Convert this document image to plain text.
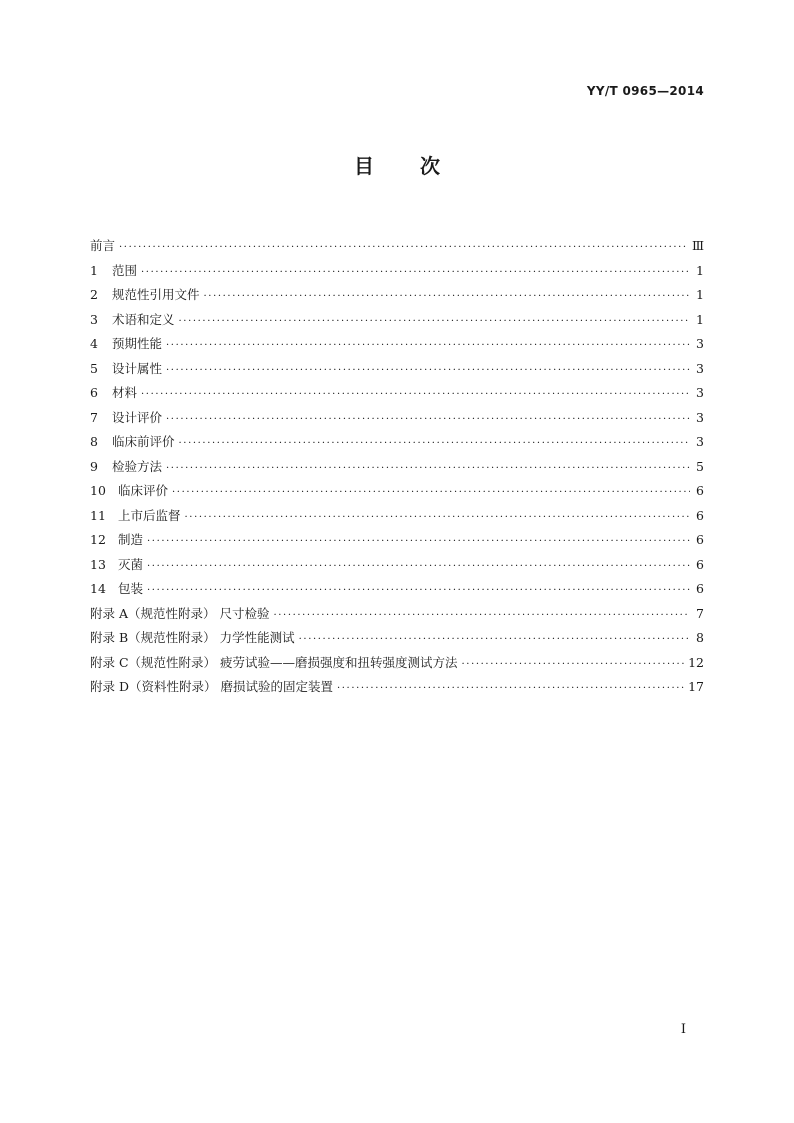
YY/T 0965—2014
目 次
前言 ·····	Ⅲ
1	范围 ·····	1
2	规范性引用文件 ·····	1
3	术语和定义 ·····	1
4	预期性能 ·····	3
5	设计属性 ·····	3
6	材料 ·····	3
7	设计评价 ·····	3
8	临床前评价 ·····	3
9	检验方法 ·····	5
10 临床评价 ·····	6
11 上市后监督 ·····	6
12 制造 ·····	6
13 灭菌 ·····	6
14 包装 ·····	6
附录 A（规范性附录） 尺寸检验 ·····	7
附录 B（规范性附录） 力学性能测试 ·····	8
附录 C（规范性附录） 疲劳试验——磨损强度和扭转强度测试方法 ·····	12
附录 D（资料性附录） 磨损试验的固定装置 ·····	17
I
